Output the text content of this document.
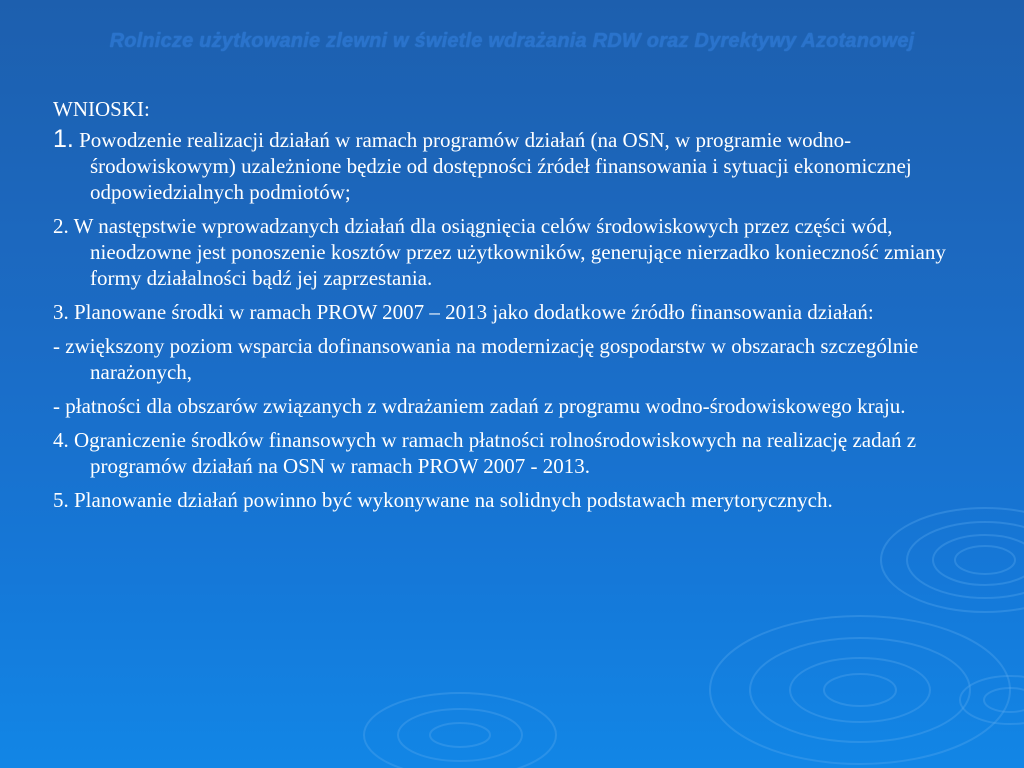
Rolnicze użytkowanie zlewni w świetle wdrażania RDW oraz Dyrektywy Azotanowej
WNIOSKI:
1. Powodzenie realizacji działań w ramach programów działań (na OSN, w programie wodno- środowiskowym) uzależnione będzie od dostępności źródeł finansowania i sytuacji ekonomicznej odpowiedzialnych podmiotów;
2. W następstwie wprowadzanych działań dla osiągnięcia celów środowiskowych przez części wód, nieodzowne jest ponoszenie kosztów przez użytkowników, generujące nierzadko konieczność zmiany formy działalności bądź jej zaprzestania.
3. Planowane środki w ramach PROW 2007 – 2013 jako dodatkowe źródło finansowania działań:
- zwiększony poziom wsparcia dofinansowania na modernizację gospodarstw w obszarach szczególnie narażonych,
- płatności dla obszarów związanych z wdrażaniem zadań z programu wodno-środowiskowego kraju.
4. Ograniczenie środków finansowych w ramach płatności rolnośrodowiskowych na realizację zadań z programów działań na OSN w ramach PROW 2007 - 2013.
5. Planowanie działań powinno być wykonywane na solidnych podstawach merytorycznych.
